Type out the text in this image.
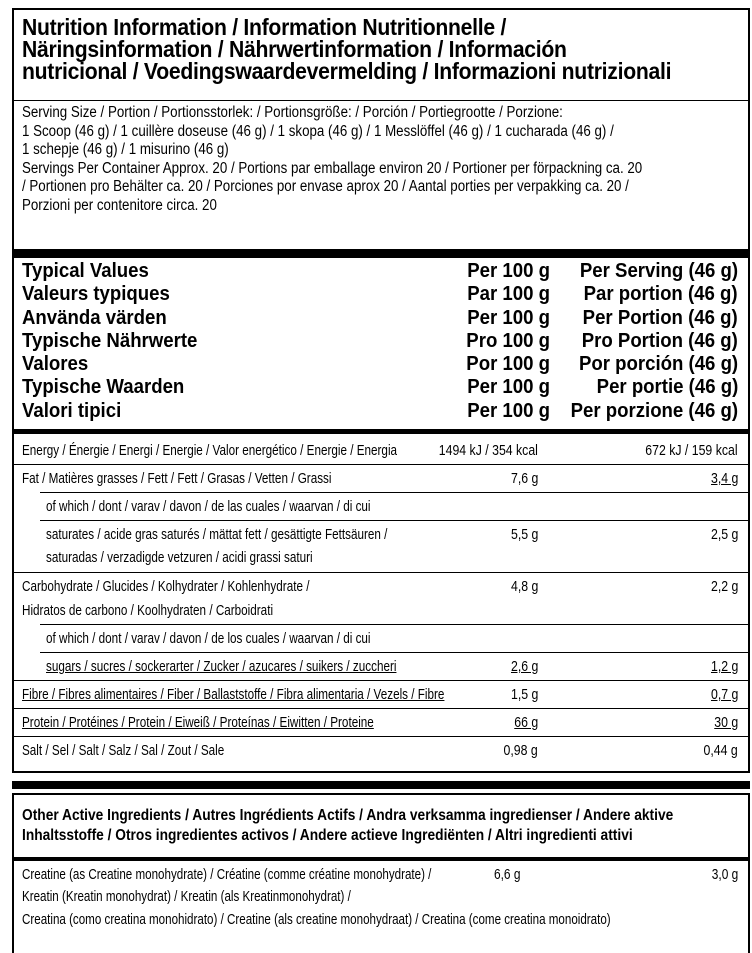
Nutrition Information / Information Nutritionnelle /
Näringsinformation / Nährwertinformation / Información
nutricional / Voedingswaardevermelding / Informazioni nutrizionali
Serving Size / Portion / Portionsstorlek: / Portionsgröße: / Porción / Portiegrootte / Porzione:
1 Scoop (46 g) / 1 cuillère doseuse (46 g) / 1 skopa (46 g) / 1 Messlöffel (46 g) / 1 cucharada (46 g) /
1 schepje (46 g) / 1 misurino (46 g)
Servings Per Container Approx. 20 / Portions par emballage environ 20 / Portioner per förpackning ca. 20
/ Portionen pro Behälter ca. 20 / Porciones por envase aprox 20 / Aantal porties per verpakking ca. 20 /
Porzioni per contenitore circa. 20
Typical Values	Per 100 g Per Serving (46 g)
Valeurs typiques	Par 100 g Par portion (46 g)
Använda värden	Per 100 g Per Portion (46 g)
Typische Nährwerte	Pro 100 g Pro Portion (46 g)
Valores	Por 100 g Por porción (46 g)
Typische Waarden	Per 100 g Per portie (46 g)
Valori tipici	Per 100 g Per porzione (46 g)
Energy / Énergie / Energi / Energie / Valor energético / Energie / Energia	1494 kJ / 354 kcal	672 kJ / 159 kcal
Fat / Matières grasses / Fett / Fett / Grasas / Vetten / Grassi	7,6 g	3,4 g
of which / dont / varav / davon / de las cuales / waarvan / di cui
saturates / acide gras saturés / mättat fett / gesättigte Fettsäuren /	5,5 g	2,5 g
saturadas / verzadigde vetzuren / acidi grassi saturi
Carbohydrate / Glucides / Kolhydrater / Kohlenhydrate /	4,8 g	2,2 g
Hidratos de carbono / Koolhydraten / Carboidrati
of which / dont / varav / davon / de los cuales / waarvan / di cui
sugars / sucres / sockerarter / Zucker / azucares / suikers / zuccheri	2,6 g	1,2 g
Fibre / Fibres alimentaires / Fiber / Ballaststoffe / Fibra alimentaria / Vezels / Fibre	1,5 g	0,7 g
Protein / Protéines / Protein / Eiweiß / Proteínas / Eiwitten / Proteine	66 g	30 g
Salt / Sel / Salt / Salz / Sal / Zout / Sale	0,98 g	0,44 g
Other Active Ingredients / Autres Ingrédients Actifs / Andra verksamma ingredienser / Andere aktive
Inhaltsstoffe / Otros ingredientes activos / Andere actieve Ingrediënten / Altri ingredienti attivi
Creatine (as Creatine monohydrate) / Créatine (comme créatine monohydrate) /	6,6 g	3,0 g
Kreatin (Kreatin monohydrat) / Kreatin (als Kreatinmonohydrat) /
Creatina (como creatina monohidrato) / Creatine (als creatine monohydraat) / Creatina (come creatina monoidrato)
